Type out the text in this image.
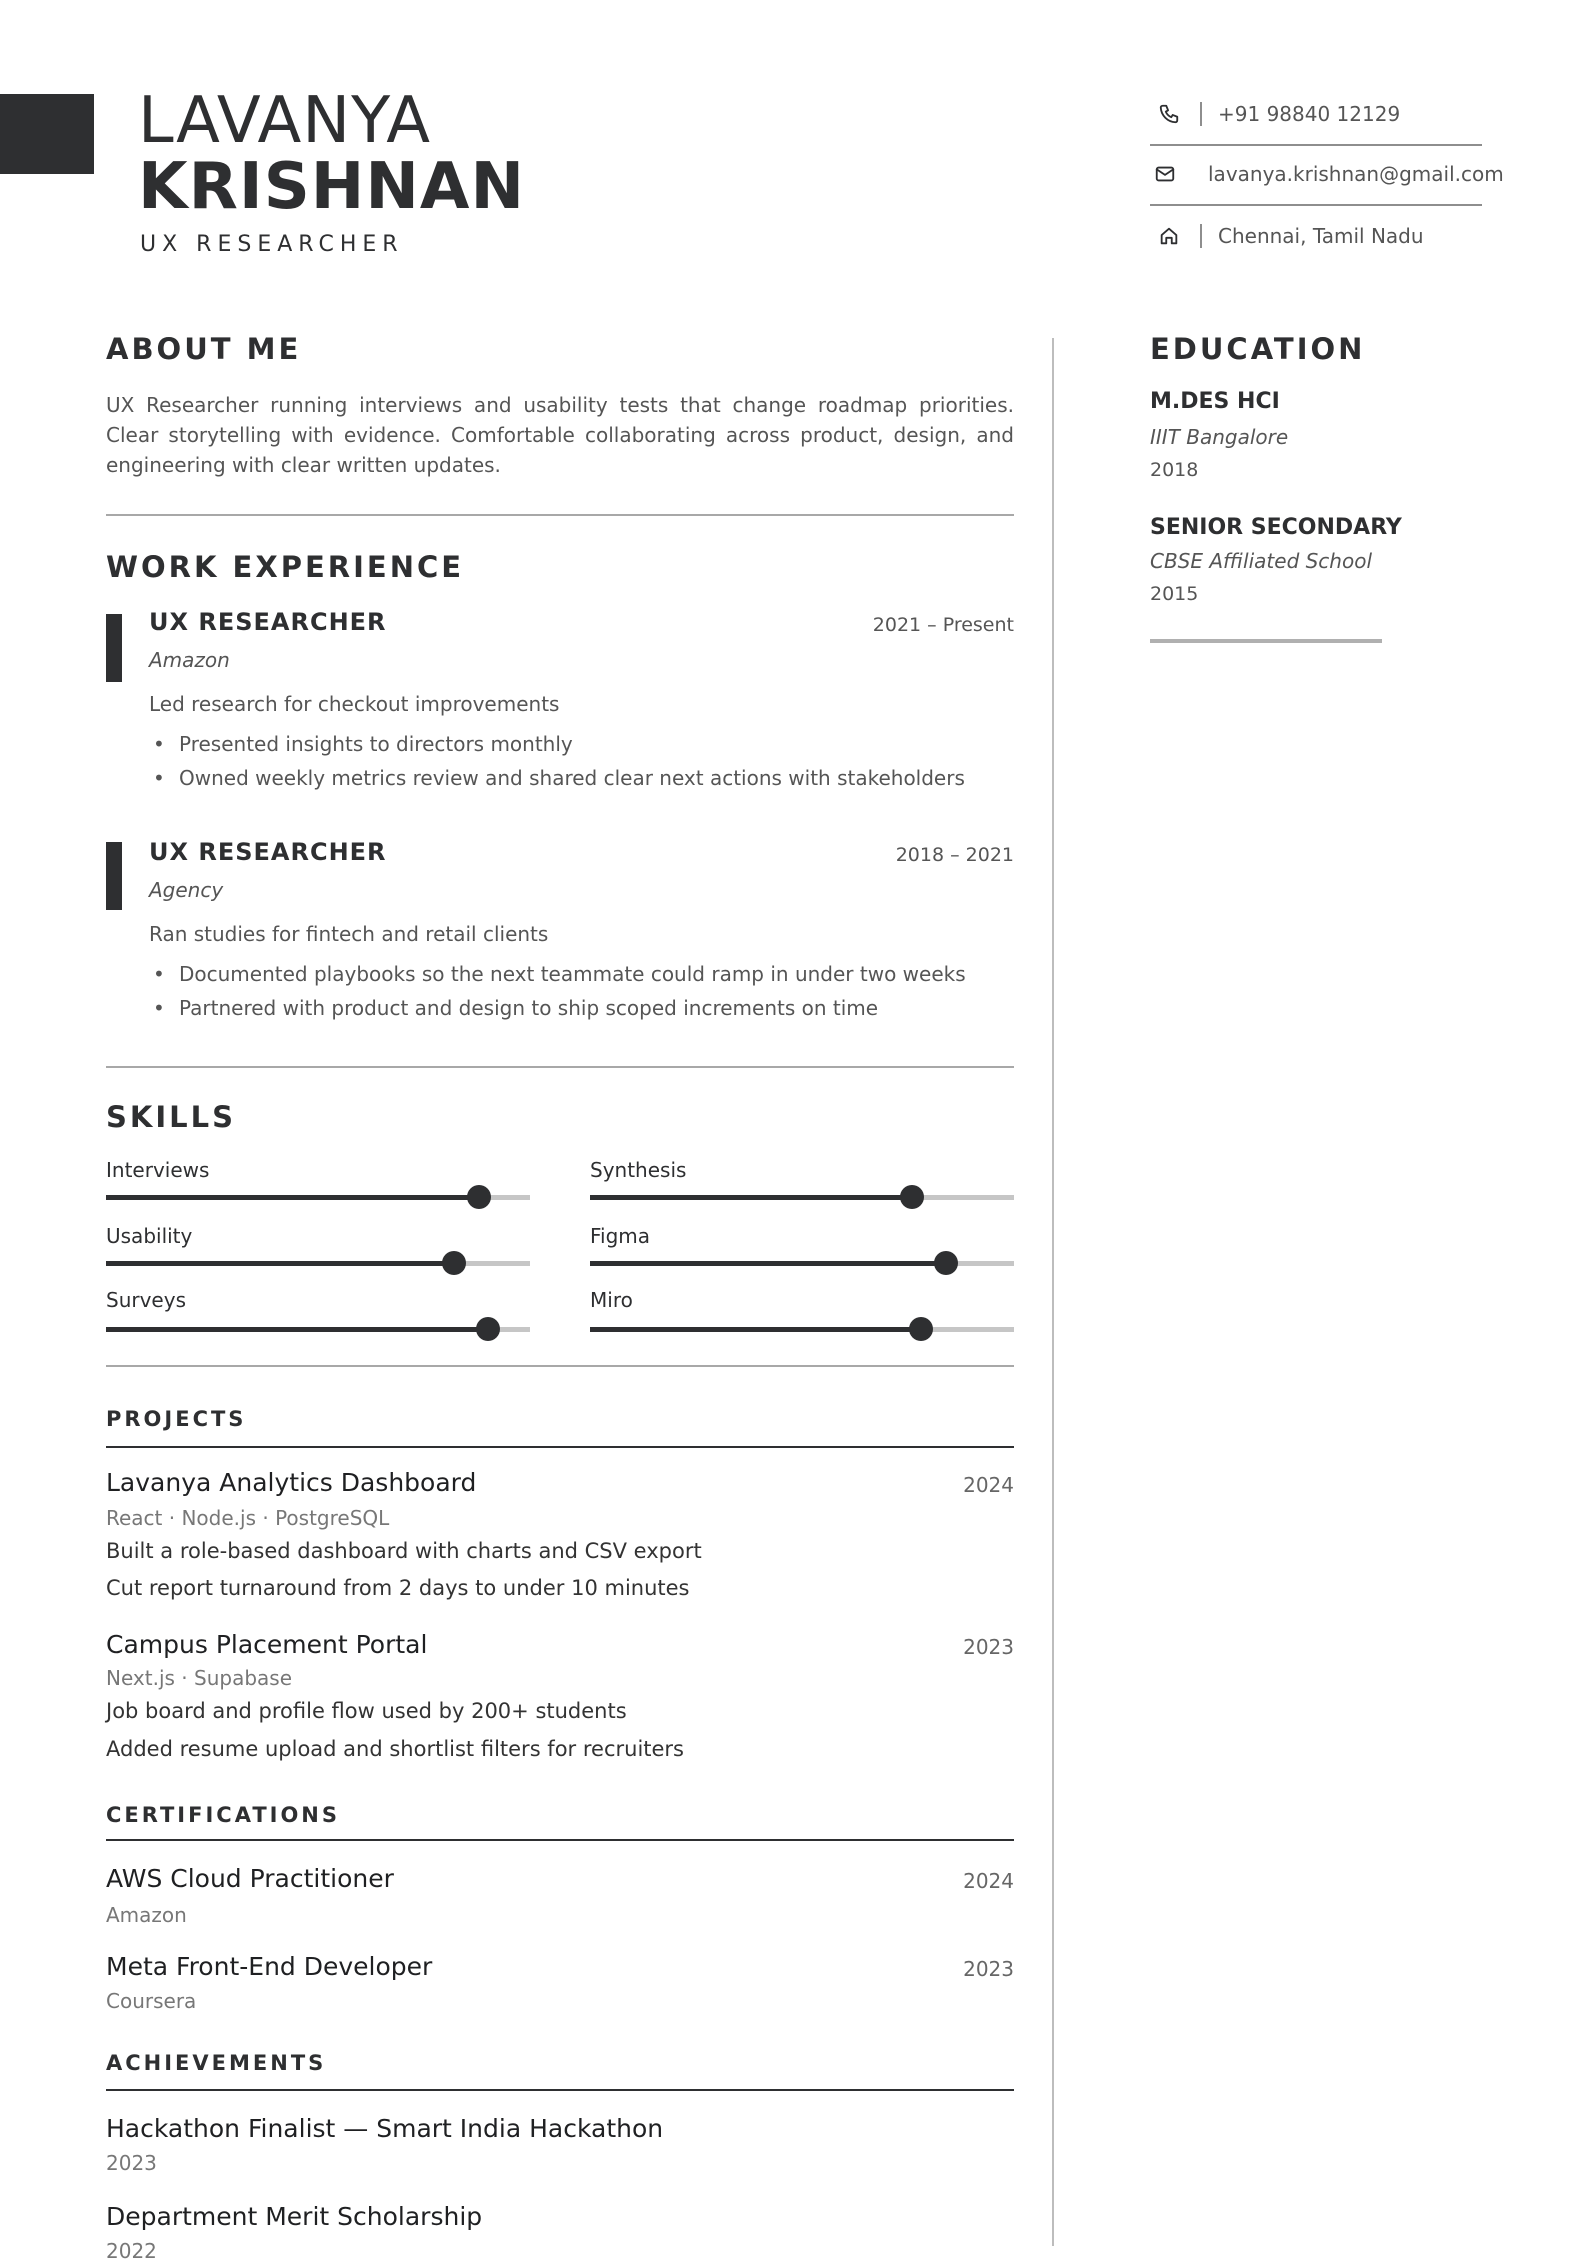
LAVANYA
KRISHNAN
UX RESEARCHER
+91 98840 12129
lavanya.krishnan@gmail.com
Chennai, Tamil Nadu
ABOUT ME
UX Researcher running interviews and usability tests that change roadmap priorities. Clear storytelling with evidence. Comfortable collaborating across product, design, and engineering with clear written updates.
WORK EXPERIENCE
UX RESEARCHER	2021 – Present
Amazon
Led research for checkout improvements
• Presented insights to directors monthly
• Owned weekly metrics review and shared clear next actions with stakeholders
UX RESEARCHER	2018 – 2021
Agency
Ran studies for fintech and retail clients
• Documented playbooks so the next teammate could ramp in under two weeks
• Partnered with product and design to ship scoped increments on time
SKILLS
Interviews	Synthesis
Usability	Figma
Surveys	Miro
PROJECTS
Lavanya Analytics Dashboard	2024
React · Node.js · PostgreSQL
Built a role-based dashboard with charts and CSV export
Cut report turnaround from 2 days to under 10 minutes
Campus Placement Portal	2023
Next.js · Supabase
Job board and profile flow used by 200+ students
Added resume upload and shortlist filters for recruiters
CERTIFICATIONS
AWS Cloud Practitioner	2024
Amazon
Meta Front-End Developer	2023
Coursera
ACHIEVEMENTS
Hackathon Finalist — Smart India Hackathon
2023
Department Merit Scholarship
2022
EDUCATION
M.DES HCI
IIIT Bangalore
2018
SENIOR SECONDARY
CBSE Affiliated School
2015
